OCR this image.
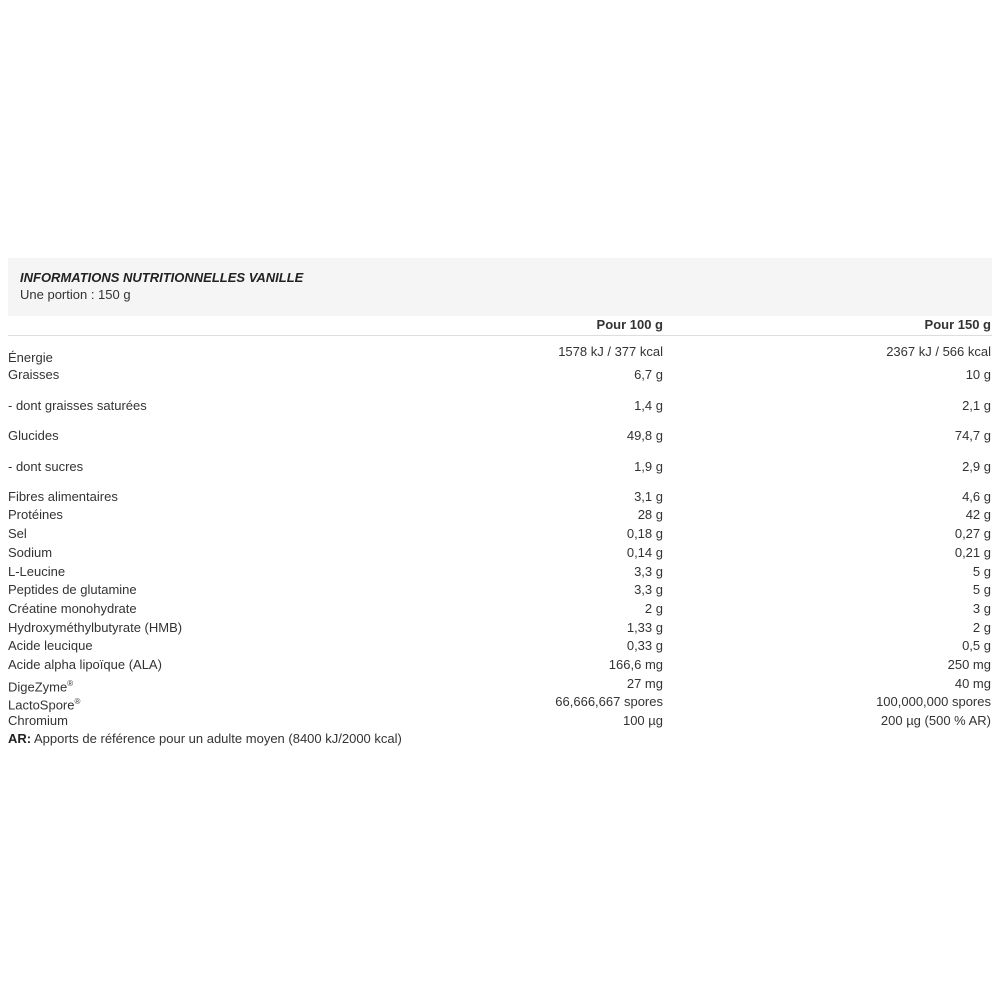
INFORMATIONS NUTRITIONNELLES VANILLE
Une portion : 150 g
Pour 100 g	Pour 150 g
Énergie	1578 kJ / 377 kcal	2367 kJ / 566 kcal
Graisses	6,7 g	10 g
- dont graisses saturées	1,4 g	2,1 g
Glucides	49,8 g	74,7 g
- dont sucres	1,9 g	2,9 g
Fibres alimentaires	3,1 g	4,6 g
Protéines	28 g	42 g
Sel	0,18 g	0,27 g
Sodium	0,14 g	0,21 g
L-Leucine	3,3 g	5 g
Peptides de glutamine	3,3 g	5 g
Créatine monohydrate	2 g	3 g
Hydroxyméthylbutyrate (HMB)	1,33 g	2 g
Acide leucique	0,33 g	0,5 g
Acide alpha lipoïque (ALA)	166,6 mg	250 mg
DigeZyme®	27 mg	40 mg
LactoSpore®	66,666,667 spores	100,000,000 spores
Chromium	100 µg	200 µg (500 % AR)
AR: Apports de référence pour un adulte moyen (8400 kJ/2000 kcal)
